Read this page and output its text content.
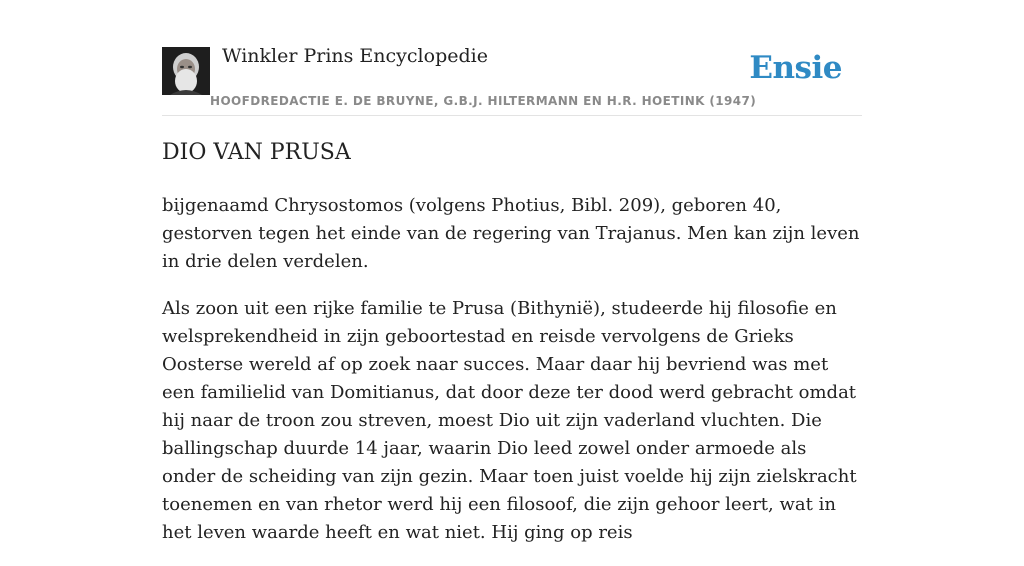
Winkler Prins Encyclopedie
HOOFDREDACTIE E. DE BRUYNE, G.B.J. HILTERMANN EN H.R. HOETINK (1947)
Ensie
DIO VAN PRUSA

bijgenaamd Chrysostomos (volgens Photius, Bibl. 209), geboren 40, gestorven tegen het einde van de regering van Trajanus. Men kan zijn leven in drie delen verdelen.

Als zoon uit een rijke familie te Prusa (Bithynië), studeerde hij filosofie en welsprekendheid in zijn geboortestad en reisde vervolgens de Grieks Oosterse wereld af op zoek naar succes. Maar daar hij bevriend was met een familielid van Domitianus, dat door deze ter dood werd gebracht omdat hij naar de troon zou streven, moest Dio uit zijn vaderland vluchten. Die ballingschap duurde 14 jaar, waarin Dio leed zowel onder armoede als onder de scheiding van zijn gezin. Maar toen juist voelde hij zijn zielskracht toenemen en van rhetor werd hij een filosoof, die zijn gehoor leert, wat in het leven waarde heeft en wat niet. Hij ging op reis
